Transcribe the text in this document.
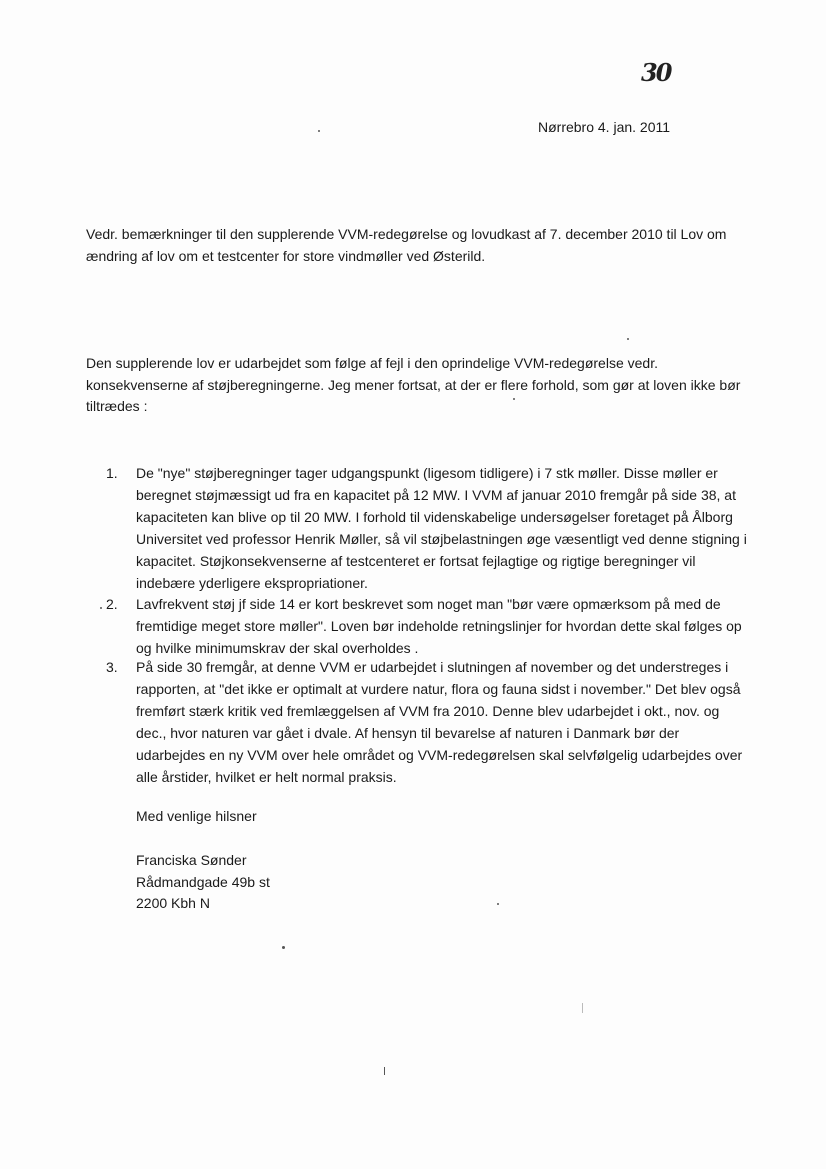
30
Nørrebro 4. jan. 2011
Vedr. bemærkninger til den supplerende VVM-redegørelse og lovudkast af 7. december 2010 til Lov om
ændring af lov om et testcenter for store vindmøller ved Østerild.
Den supplerende lov er udarbejdet som følge af fejl i den oprindelige VVM-redegørelse vedr.
konsekvenserne af støjberegningerne. Jeg mener fortsat, at der er flere forhold, som gør at loven ikke bør
tiltrædes :
1.	De "nye" støjberegninger tager udgangspunkt (ligesom tidligere) i 7 stk møller. Disse møller er
beregnet støjmæssigt ud fra en kapacitet på 12 MW. I VVM af januar 2010 fremgår på side 38, at
kapaciteten kan blive op til 20 MW. I forhold til videnskabelige undersøgelser foretaget på Ålborg
Universitet ved professor Henrik Møller, så vil støjbelastningen øge væsentligt ved denne stigning i
kapacitet. Støjkonsekvenserne af testcenteret er fortsat fejlagtige og rigtige beregninger vil
indebære yderligere ekspropriationer.
2.	Lavfrekvent støj jf side 14 er kort beskrevet som noget man "bør være opmærksom på med de
fremtidige meget store møller". Loven bør indeholde retningslinjer for hvordan dette skal følges op
og hvilke minimumskrav der skal overholdes .
3.	På side 30 fremgår, at denne VVM er udarbejdet i slutningen af november og det understreges i
rapporten, at "det ikke er optimalt at vurdere natur, flora og fauna sidst i november." Det blev også
fremført stærk kritik ved fremlæggelsen af VVM fra 2010. Denne blev udarbejdet i okt., nov. og
dec., hvor naturen var gået i dvale. Af hensyn til bevarelse af naturen i Danmark bør der
udarbejdes en ny VVM over hele området og VVM-redegørelsen skal selvfølgelig udarbejdes over
alle årstider, hvilket er helt normal praksis.
Med venlige hilsner
Franciska Sønder
Rådmandgade 49b st
2200 Kbh N
